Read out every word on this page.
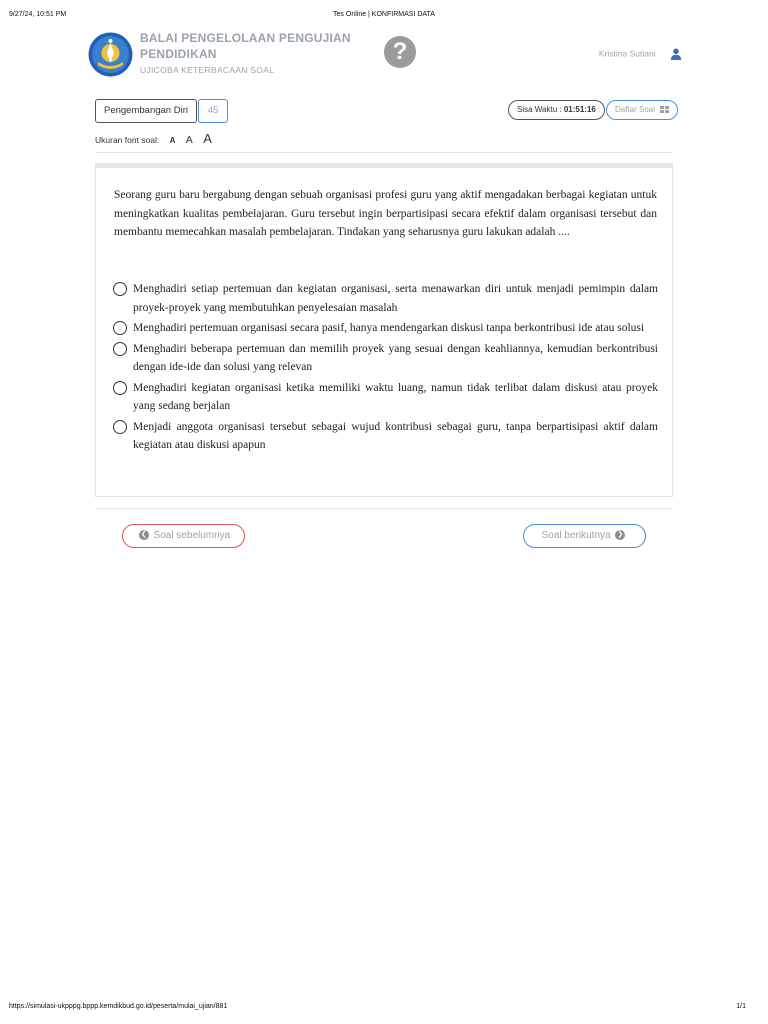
9/27/24, 10:51 PM	Tes Online | KONFIRMASI DATA
BALAI PENGELOLAAN PENGUJIAN
PENDIDIKAN
UJICOBA KETERBACAAN SOAL
?	Kristina Sutiani
Pengembangan Diri	45	Sisa Waktu : 01:51:16	Daftar Soal
Ukuran font soal: A A A
Seorang guru baru bergabung dengan sebuah organisasi profesi guru yang aktif mengadakan berbagai kegiatan untuk meningkatkan kualitas pembelajaran. Guru tersebut ingin berpartisipasi secara efektif dalam organisasi tersebut dan membantu memecahkan masalah pembelajaran. Tindakan yang seharusnya guru lakukan adalah ....
Menghadiri setiap pertemuan dan kegiatan organisasi, serta menawarkan diri untuk menjadi pemimpin dalam proyek-proyek yang membutuhkan penyelesaian masalah
Menghadiri pertemuan organisasi secara pasif, hanya mendengarkan diskusi tanpa berkontribusi ide atau solusi
Menghadiri beberapa pertemuan dan memilih proyek yang sesuai dengan keahliannya, kemudian berkontribusi dengan ide-ide dan solusi yang relevan
Menghadiri kegiatan organisasi ketika memiliki waktu luang, namun tidak terlibat dalam diskusi atau proyek yang sedang berjalan
Menjadi anggota organisasi tersebut sebagai wujud kontribusi sebagai guru, tanpa berpartisipasi aktif dalam kegiatan atau diskusi apapun
❮ Soal sebelumnya	Soal berikutnya ❯
https://simulasi-ukpppg.bppp.kemdikbud.go.id/peserta/mulai_ujian/881	1/1
